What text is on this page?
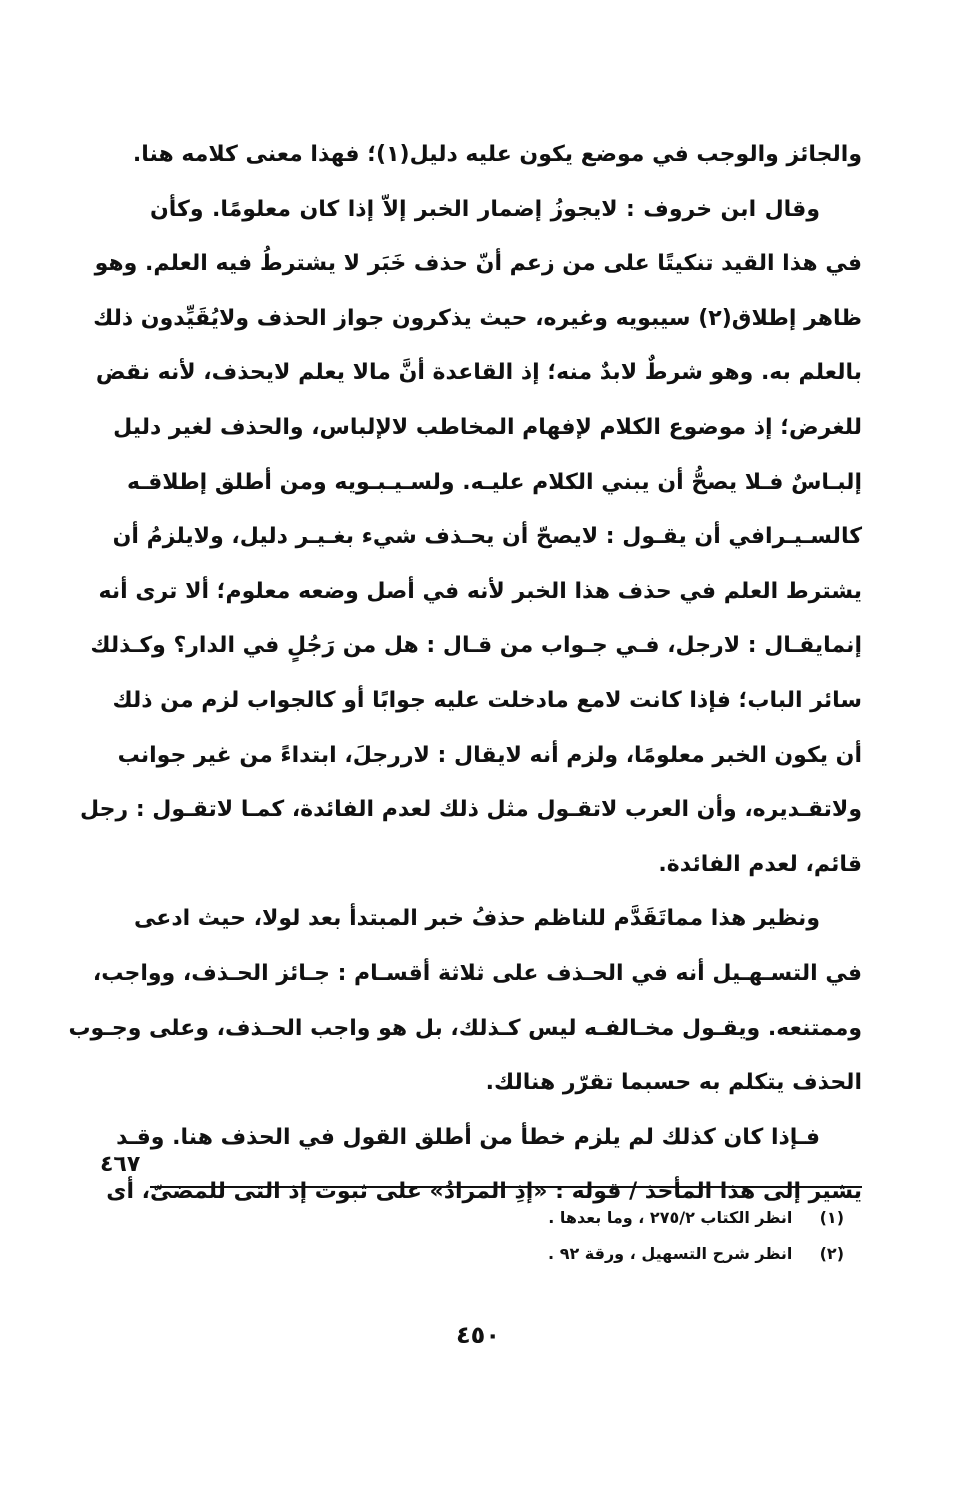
والجائز والوجب في موضع يكون عليه دليل(١)؛ فهذا معنى كلامه هنا.
وقال ابن خروف : لايجوزُ إضمار الخبر إلاّ إذا كان معلومًا. وكأن
في هذا القيد تنكيتًا على من زعم أنّ حذف خَبَر لا يشترطُ فيه العلم. وهو
ظاهر إطلاق(٢) سيبويه وغيره، حيث يذكرون جواز الحذف ولايُقَيِّدون ذلك
بالعلم به. وهو شرطٌ لابدٌ منه؛ إذ القاعدة أنَّ مالا يعلم لايحذف، لأنه نقض
للغرض؛ إذ موضوع الكلام لإفهام المخاطب لالإلباس، والحذف لغير دليل
إلبـاسٌ فـلا يصحُّ أن يبني الكلام عليـه. ولسـيـبـويه ومن أطلق إطلاقـه
كالسـيـرافي أن يقـول : لايصحّ أن يحـذف شيء بغـيـر دليل، ولايلزمُ أن
يشترط العلم في حذف هذا الخبر لأنه في أصل وضعه معلوم؛ ألا ترى أنه
إنمايقـال : لارجل، فـي جـواب من قـال : هل من رَجُلٍ في الدار؟ وكـذلك
سائر الباب؛ فإذا كانت لامع مادخلت عليه جوابًا أو كالجواب لزم من ذلك
أن يكون الخبر معلومًا، ولزم أنه لايقال : لاررجلَ، ابتداءً من غير جوانب
ولاتقـديره، وأن العرب لاتقـول مثل ذلك لعدم الفائدة، كمـا لاتقـول : رجل
قائم، لعدم الفائدة.
ونظير هذا مماتَقَدَّم للناظم حذفُ خبر المبتدأ بعد لولا، حيث ادعى
في التسـهـيل أنه في الحـذف على ثلاثة أقسـام : جـائز الحـذف، وواجب،
وممتنعه. ويقـول مخـالفـه ليس كـذلك، بل هو واجب الحـذف، وعلى وجـوب
الحذف يتكلم به حسبما تقرّر هنالك.
فـإذا كان كذلك لم يلزم خطأ من أطلق القول في الحذف هنا. وقـد
يشير إلى هذا المأخذ / قوله : «إذِ المرادُ» على ثبوت إذ التى للمضىّ، أى
٤٦٧
(١) انظر الكتاب ٢٧٥/٢ ، وما بعدها .
(٢) انظر شرح التسهيل ، ورقة ٩٢ .
٤٥٠
